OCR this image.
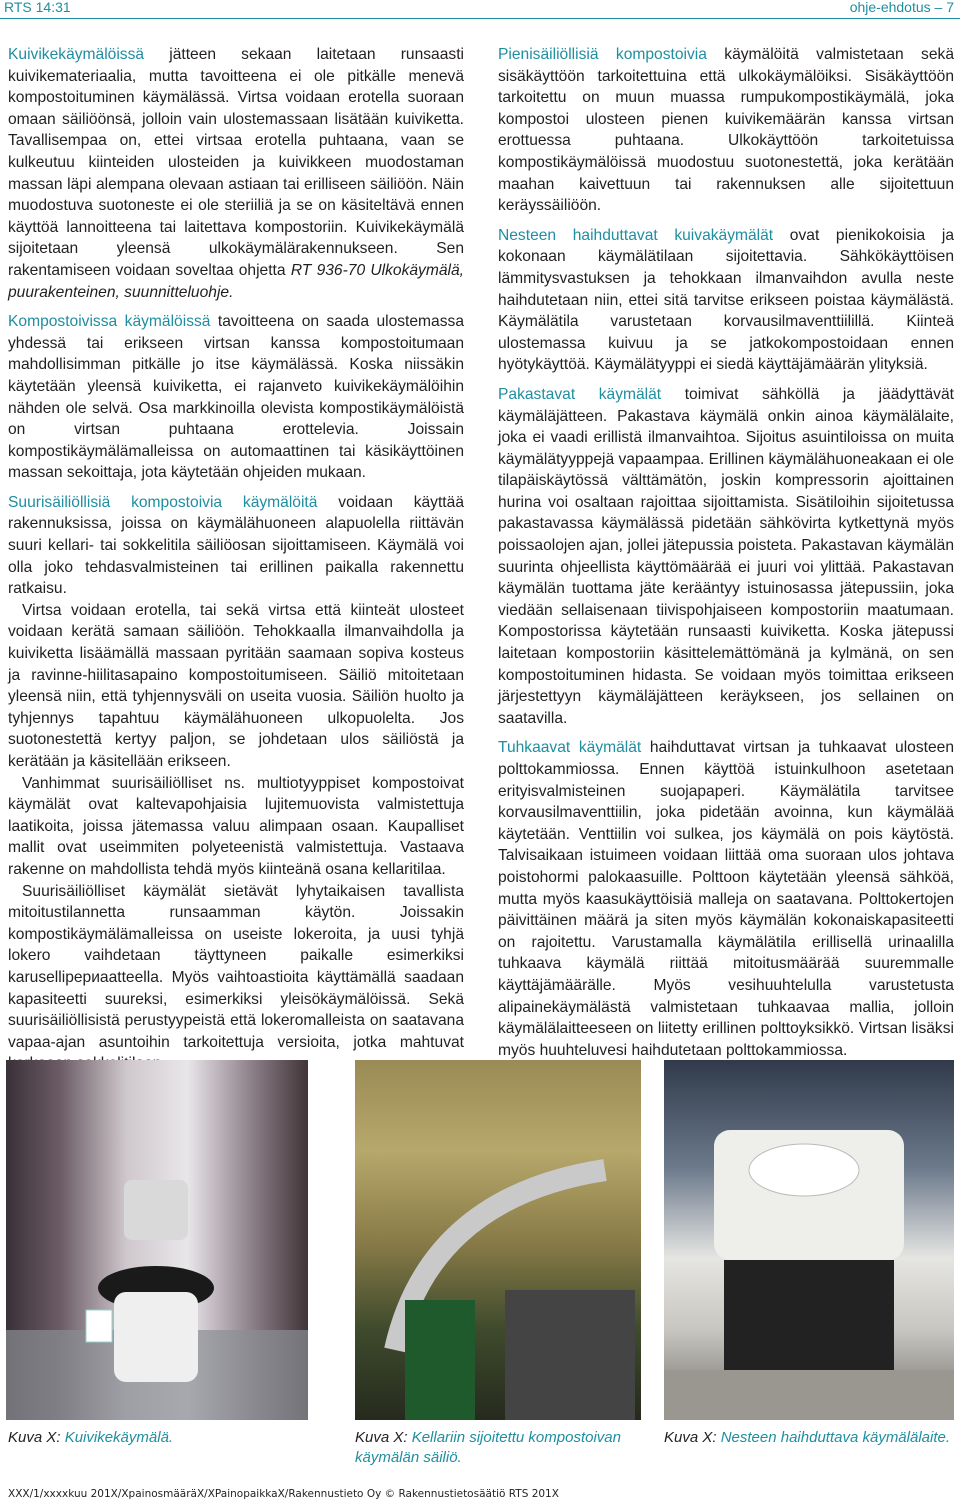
RTS 14:31	ohje-ehdotus – 7

Kuivikekäymälöissä jätteen sekaan laitetaan runsaasti kuivikemateriaalia, mutta tavoitteena ei ole pitkälle menevä kompostoituminen käymälässä. Virtsa voidaan erotella suoraan omaan säiliöönsä, jolloin vain ulostemassaan lisätään kuiviketta. Tavallisempaa on, ettei virtsaa erotella puhtaana, vaan se kulkeutuu kiinteiden ulosteiden ja kuivikkeen muodostaman massan läpi alempana olevaan astiaan tai erilliseen säiliöön. Näin muodostuva suotoneste ei ole steriiliä ja se on käsiteltävä ennen käyttöä lannoitteena tai laitettava kompostoriin. Kuivikekäymälä sijoitetaan yleensä ulkokäymälärakennukseen. Sen rakentamiseen voidaan soveltaa ohjetta RT 936-70 Ulkokäymälä, puurakenteinen, suunnitteluohje.

Kompostoivissa käymälöissä tavoitteena on saada ulostemassa yhdessä tai erikseen virtsan kanssa kompostoitumaan mahdollisimman pitkälle jo itse käymälässä. Koska niissäkin käytetään yleensä kuiviketta, ei rajanveto kuivikekäymälöihin nähden ole selvä. Osa markkinoilla olevista kompostikäymälöistä on virtsan puhtaana erottelevia. Joissain kompostikäymälämalleissa on automaattinen tai käsikäyttöinen massan sekoittaja, jota käytetään ohjeiden mukaan.

Suurisäiliöllisiä kompostoivia käymälöitä voidaan käyttää rakennuksissa, joissa on käymälähuoneen alapuolella riittävän suuri kellari- tai sokkelitila säiliöosan sijoittamiseen. Käymälä voi olla joko tehdasvalmisteinen tai erillinen paikalla rakennettu ratkaisu.

Virtsa voidaan erotella, tai sekä virtsa että kiinteät ulosteet voidaan kerätä samaan säiliöön. Tehokkaalla ilmanvaihdolla ja kuiviketta lisäämällä massaan pyritään saamaan sopiva kosteus ja ravinne-hiilitasapaino kompostoitumiseen. Säiliö mitoitetaan yleensä niin, että tyhjennysväli on useita vuosia. Säiliön huolto ja tyhjennys tapahtuu käymälähuoneen ulkopuolelta. Jos suotonestettä kertyy paljon, se johdetaan ulos säiliöstä ja kerätään ja käsitellään erikseen.

Vanhimmat suurisäiliölliset ns. multiotyyppiset kompostoivat käymälät ovat kaltevapohjaisia lujitemuovista valmistettuja laatikoita, joissa jätemassa valuu alimpaan osaan. Kaupalliset mallit ovat useimmiten polyeteenistä valmistettuja. Vastaava rakenne on mahdollista tehdä myös kiinteänä osana kellaritilaa.

Suurisäiliölliset käymälät sietävät lyhytaikaisen tavallista mitoitustilannetta runsaamman käytön. Joissakin kompostikäymälämalleissa on useiste lokeroita, ja uusi tyhjä lokero vaihdetaan täyttyneen paikalle esimerkiksi karusellipериaatteella. Myös vaihtoastioita käyttämällä saadaan kapasiteetti suureksi, esimerkiksi yleisökäymälöissä. Sekä suurisäiliöllisistä perustyypeistä että lokeromalleista on saatavana vapaa-ajan asuntoihin tarkoitettuja versioita, jotka mahtuvat

Pienisäiliöllisiä kompostoivia käymälöitä valmistetaan sekä sisäkäyttöön tarkoitettuina että ulkokäymälöiksi. Sisäkäyttöön tarkoitettu on muun muassa rumpukompostikäymälä, joka kompostoi ulosteen pienen kuivikemäärän kanssa virtsan erottuessa puhtaana. Ulkokäyttöön tarkoitetuissa kompostikäymälöissä muodostuu suotonestettä, joka kerätään maahan kaivettuun tai rakennuksen alle sijoitettuun keräyssäiliöön.

Nesteen haihduttavat kuivakäymälät ovat pienikokoisia ja kokonaan käymälätilaan sijoitettavia. Sähkökäyttöisen lämmitysvastuksen ja tehokkaan ilmanvaihdon avulla neste haihdutetaan niin, ettei sitä tarvitse erikseen poistaa käymälästä. Käymälätila varustetaan korvausilmaventtiilillä. Kiinteä ulostemassa kuivuu ja se jatkokompostoidaan ennen hyötykäyttöä. Käymälätyyppi ei siedä käyttäjämäärän ylityksiä.

Pakastavat käymälät toimivat sähköllä ja jäädyttävät käymäläjätteen. Pakastava käymälä onkin ainoa käymälälaite, joka ei vaadi erillistä ilmanvaihtoa. Sijoitus asuintiloissa on muita käymälätyyppejä vapaampaa. Erillinen käymälähuoneakaan ei ole tilapäiskäytössä välttämätön, joskin kompressorin ajoittainen hurina voi osaltaan rajoittaa sijoittamista. Sisätiloihin sijoitetussa pakastavassa käymälässä pidetään sähkövirta kytkettynä myös poissaolojen ajan, jollei jätepussia poisteta. Pakastavan käymälän suurinta ohjeellista käyttömäärää ei juuri voi ylittää. Pakastavan käymälän tuottama jäte kerääntyy istuinosassa jätepussiin, joka viedään sellaisenaan tiivispohjaiseen kompostoriin maatumaan. Kompostorissa käytetään runsaasti kuiviketta. Koska jätepussi laitetaan kompostoriin käsittelemättömänä ja kylmänä, on sen kompostoituminen hidasta. Se voidaan myös toimittaa erikseen järjestettyyn käymäläjätteen keräykseen, jos sellainen on saatavilla.

Tuhkaavat käymälät haihduttavat virtsan ja tuhkaavat ulosteen polttokammiossa. Ennen käyttöä istuinkulhoon asetetaan erityisvalmisteinen suojapaperi. Käymälätila tarvitsee korvausilmaventtiilin, joka pidetään avoinna, kun käymälää käytetään. Venttiilin voi sulkea, jos käymälä on pois käytöstä. Talvisaikaan istuimeen voidaan liittää oma suoraan ulos johtava poistohormi palokaasuille. Polttoon käytetään yleensä sähköä, mutta myös kaasukäyttöisiä malleja on saatavana. Polttokertojen päivittäinen määrä ja siten myös käymälän kokonaiskapasiteetti on rajoitettu. Varustamalla käymälätila erillisellä urinaalilla tuhkaava käymälä riittää mitoitusmäärää suuremmalle käyttäjämäärälle. Myös vesihuuhtelulla varustetusta alipainekäymälästä valmistetaan tuhkaavaa mallia, jolloin käymälälaitteeseen on liitetty erillinen polttoyksikkö. Virtsan lisäksi myös huuhteluvesi haihdutetaan polttokammiossa.

Kuva X: Kuivikekäymälä.	Kuva X: Kellariin sijoitettu kompostoivan käymälän säiliö.
Kuva X: Nesteen haihduttava käymälälaite.
XXX/1/xxxxkuu 201X/XpainosmääräX/XPainopaikkaX/Rakennustieto Oy © Rakennustietosäätiö RTS 201X
